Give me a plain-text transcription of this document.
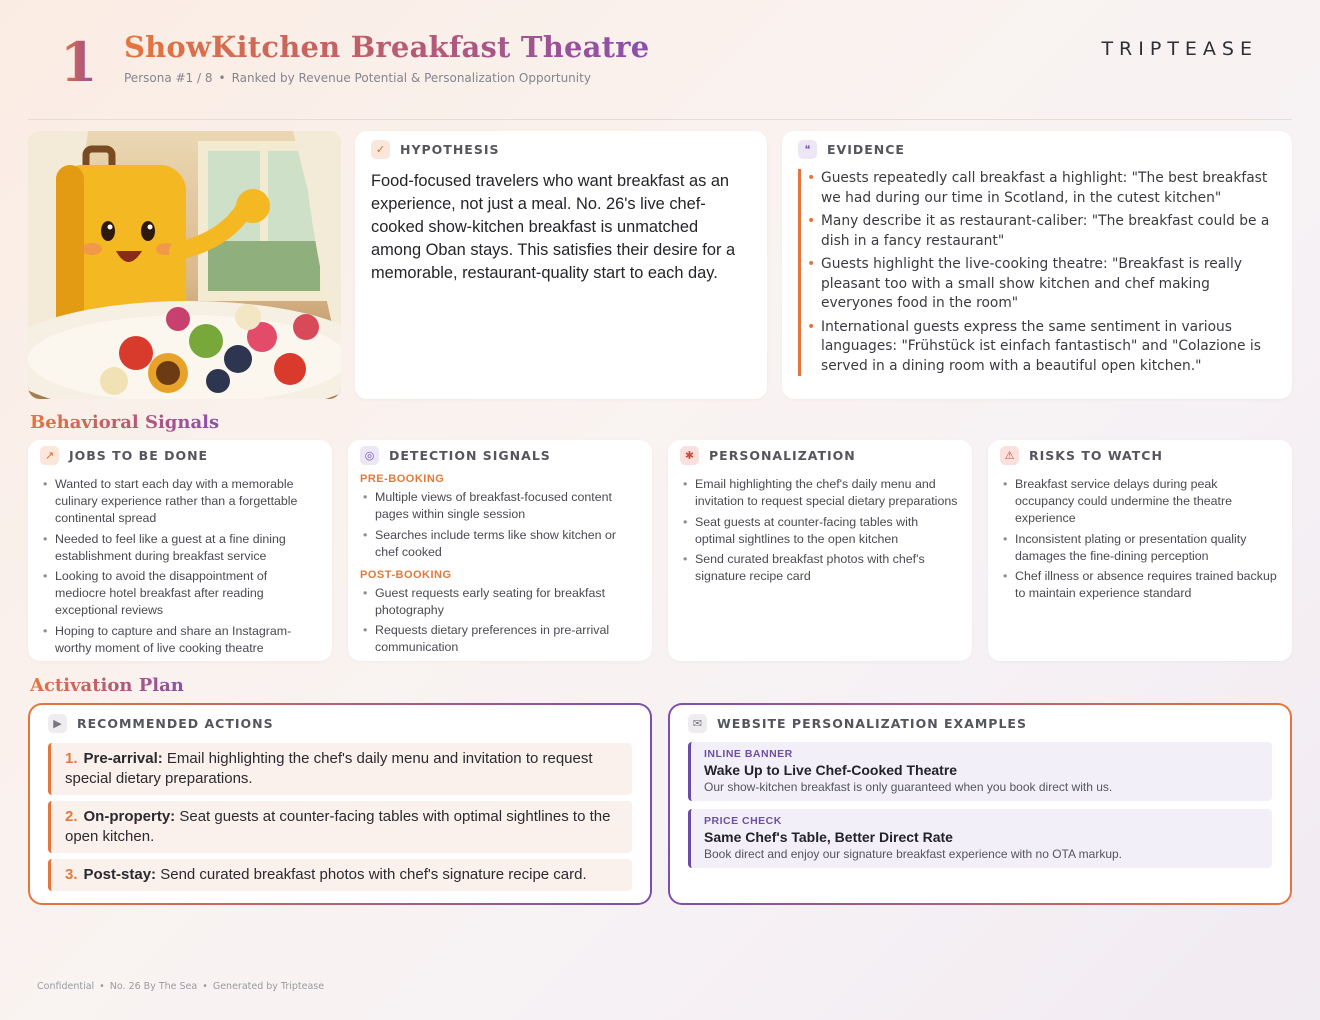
1 ShowKitchen Breakfast Theatre
Persona #1 / 8 • Ranked by Revenue Potential & Personalization Opportunity
TRIPTEASE
✓	HYPOTHESIS

Food-focused travelers who want breakfast as an experience, not just a meal. No. 26's live chef-cooked show-kitchen breakfast is unmatched among Oban stays. This satisfies their desire for a memorable, restaurant-quality start to each day.

❝	EVIDENCE
• Guests repeatedly call breakfast a highlight: "The best breakfast we had during our time in Scotland, in the cutest kitchen"
• Many describe it as restaurant-caliber: "The breakfast could be a dish in a fancy restaurant"
• Guests highlight the live-cooking theatre: "Breakfast is really pleasant too with a small show kitchen and chef making everyones food in the room"
• International guests express the same sentiment in various languages: "Frühstück ist einfach fantastisch" and "Colazione is served in a dining room with a beautiful open kitchen."
Behavioral Signals
↗	JOBS TO BE DONE
• Wanted to start each day with a memorable culinary experience rather than a forgettable continental spread
• Needed to feel like a guest at a fine dining establishment during breakfast service
• Looking to avoid the disappointment of mediocre hotel breakfast after reading exceptional reviews
• Hoping to capture and share an Instagram-worthy moment of live cooking theatre
◎	DETECTION SIGNALS
PRE-BOOKING
• Multiple views of breakfast-focused content pages within single session
• Searches include terms like show kitchen or chef cooked
POST-BOOKING
• Guest requests early seating for breakfast photography
• Requests dietary preferences in pre-arrival communication
✱	PERSONALIZATION
• Email highlighting the chef's daily menu and invitation to request special dietary preparations
• Seat guests at counter-facing tables with optimal sightlines to the open kitchen
• Send curated breakfast photos with chef's signature recipe card
⚠	RISKS TO WATCH
• Breakfast service delays during peak occupancy could undermine the theatre experience
• Inconsistent plating or presentation quality damages the fine-dining perception
• Chef illness or absence requires trained backup to maintain experience standard
Activation Plan
▶	RECOMMENDED ACTIONS
1. Pre-arrival: Email highlighting the chef's daily menu and invitation to request special dietary preparations.
2. On-property: Seat guests at counter-facing tables with optimal sightlines to the open kitchen.
3. Post-stay: Send curated breakfast photos with chef's signature recipe card.
✉	WEBSITE PERSONALIZATION EXAMPLES
INLINE BANNER
Wake Up to Live Chef-Cooked Theatre
Our show-kitchen breakfast is only guaranteed when you book direct with us.
PRICE CHECK
Same Chef's Table, Better Direct Rate
Book direct and enjoy our signature breakfast experience with no OTA markup.
Confidential • No. 26 By The Sea • Generated by Triptease
